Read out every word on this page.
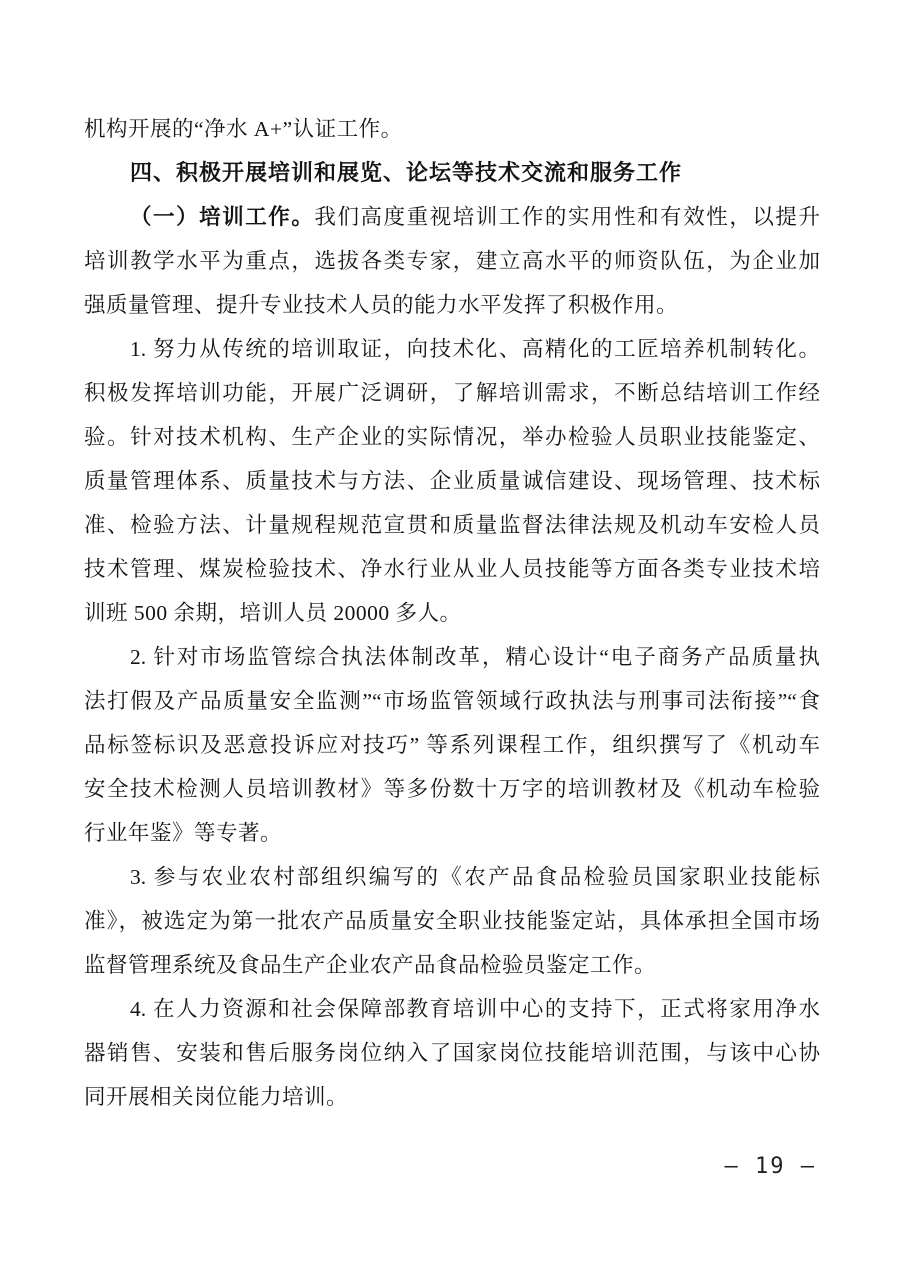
机构开展的“净水 A+”认证工作。
四、积极开展培训和展览、论坛等技术交流和服务工作
（一）培训工作。我们高度重视培训工作的实用性和有效性，以提升
培训教学水平为重点，选拔各类专家，建立高水平的师资队伍，为企业加
强质量管理、提升专业技术人员的能力水平发挥了积极作用。
1. 努力从传统的培训取证，向技术化、高精化的工匠培养机制转化。
积极发挥培训功能，开展广泛调研，了解培训需求，不断总结培训工作经
验。针对技术机构、生产企业的实际情况，举办检验人员职业技能鉴定、
质量管理体系、质量技术与方法、企业质量诚信建设、现场管理、技术标
准、检验方法、计量规程规范宣贯和质量监督法律法规及机动车安检人员
技术管理、煤炭检验技术、净水行业从业人员技能等方面各类专业技术培
训班 500 余期，培训人员 20000 多人。
2. 针对市场监管综合执法体制改革，精心设计“电子商务产品质量执
法打假及产品质量安全监测”“市场监管领域行政执法与刑事司法衔接”“食
品标签标识及恶意投诉应对技巧” 等系列课程工作，组织撰写了《机动车
安全技术检测人员培训教材》等多份数十万字的培训教材及《机动车检验
行业年鉴》等专著。
3. 参与农业农村部组织编写的《农产品食品检验员国家职业技能标
准》，被选定为第一批农产品质量安全职业技能鉴定站，具体承担全国市场
监督管理系统及食品生产企业农产品食品检验员鉴定工作。
4. 在人力资源和社会保障部教育培训中心的支持下，正式将家用净水
器销售、安装和售后服务岗位纳入了国家岗位技能培训范围，与该中心协
同开展相关岗位能力培训。
– 19 –
